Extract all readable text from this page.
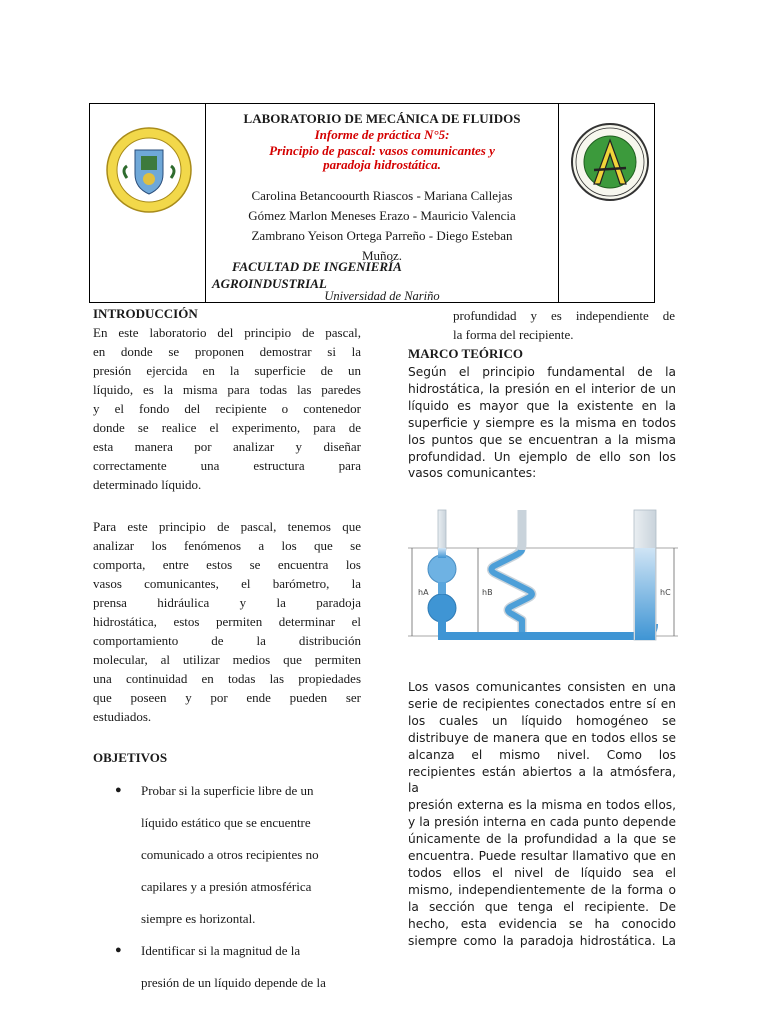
LABORATORIO DE MECÁNICA DE FLUIDOS
Informe de práctica N°5:
Principio de pascal: vasos comunicantes y
paradoja hidrostática.
Carolina Betancoourth Riascos - Mariana Callejas
Gómez Marlon Meneses Erazo - Mauricio Valencia
Zambrano Yeison Ortega Parreño - Diego Esteban
Muñoz.
FACULTAD DE INGENIERÍA
AGROINDUSTRIAL
Universidad de Nariño
INTRODUCCIÓN

En este laboratorio del principio de pascal,

en donde se proponen demostrar si la

presión ejercida en la superficie de un

líquido, es la misma para todas las paredes

y el fondo del recipiente o contenedor

donde se realice el experimento, para de

esta manera por analizar y diseñar

correctamente una estructura para

determinado líquido.

Para este principio de pascal, tenemos que

analizar los fenómenos a los que se

comporta, entre estos se encuentra los

vasos comunicantes, el barómetro, la

prensa hidráulica y la paradoja

hidrostática, estos permiten determinar el

comportamiento de la distribución

molecular, al utilizar medios que permiten

una continuidad en todas las propiedades

que poseen y por ende pueden ser

estudiados.

OBJETIVOS
● Probar si la superficie libre de un

líquido estático que se encuentre

comunicado a otros recipientes no

capilares y a presión atmosférica

siempre es horizontal.

● Identificar si la magnitud de la

presión de un líquido depende de la

profundidad y es independiente de

la forma del recipiente.

MARCO TEÓRICO

Según el principio fundamental de la

hidrostática, la presión en el interior de un

líquido es mayor que la existente en la

superficie y siempre es la misma en todos

los puntos que se encuentran a la misma

profundidad. Un ejemplo de ello son los

vasos comunicantes:

hA	hB	hC

Los vasos comunicantes consisten en una

serie de recipientes conectados entre sí en

los cuales un líquido homogéneo se

distribuye de manera que en todos ellos se

alcanza el mismo nivel. Como los

recipientes están abiertos a la atmósfera, la

presión externa es la misma en todos ellos,

y la presión interna en cada punto depende

únicamente de la profundidad a la que se

encuentra. Puede resultar llamativo que en

todos ellos el nivel de líquido sea el

mismo, independientemente de la forma o

la sección que tenga el recipiente. De

hecho, esta evidencia se ha conocido

siempre como la paradoja hidrostática. La
